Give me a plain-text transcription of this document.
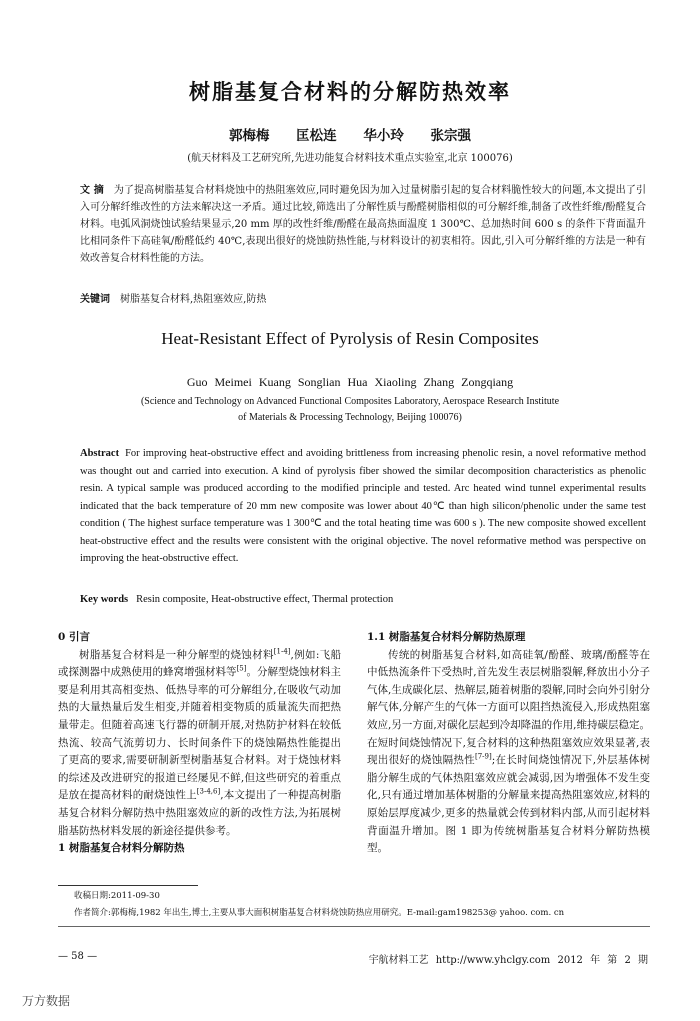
树脂基复合材料的分解防热效率
郭梅梅 匡松连 华小玲 张宗强
(航天材料及工艺研究所,先进功能复合材料技术重点实验室,北京 100076)
文 摘 为了提高树脂基复合材料烧蚀中的热阻塞效应,同时避免因为加入过量树脂引起的复合材料脆性较大的问题,本文提出了引入可分解纤维改性的方法来解决这一矛盾。通过比较,筛选出了分解性质与酚醛树脂相似的可分解纤维,制备了改性纤维/酚醛复合材料。电弧风洞烧蚀试验结果显示,20 mm 厚的改性纤维/酚醛在最高热面温度 1 300℃、总加热时间 600 s 的条件下背面温升比相同条件下高硅氧/酚醛低约 40℃,表现出很好的烧蚀防热性能,与材料设计的初衷相符。因此,引入可分解纤维的方法是一种有效改善复合材料性能的方法。
关键词 树脂基复合材料,热阻塞效应,防热
Heat-Resistant Effect of Pyrolysis of Resin Composites
Guo Meimei Kuang Songlian Hua Xiaoling Zhang Zongqiang
(Science and Technology on Advanced Functional Composites Laboratory, Aerospace Research Institute
of Materials & Processing Technology, Beijing 100076)
Abstract For improving heat-obstructive effect and avoiding brittleness from increasing phenolic resin, a novel reformative method was thought out and carried into execution. A kind of pyrolysis fiber showed the similar decomposition characteristics as phenolic resin. A typical sample was produced according to the modified principle and tested. Arc heated wind tunnel experimental results indicated that the back temperature of 20 mm new composite was lower about 40℃ than high silicon/phenolic under the same test condition ( The highest surface temperature was 1 300℃ and the total heating time was 600 s ). The new composite showed excellent heat-obstructive effect and the results were consistent with the original objective. The novel reformative method was perspective on improving the heat-obstructive effect.
Key words Resin composite, Heat-obstructive effect, Thermal protection
0 引言

树脂基复合材料是一种分解型的烧蚀材料[1-4],例如:飞船或探测器中成熟使用的蜂窝增强材料等[5]。分解型烧蚀材料主要是利用其高相变热、低热导率的可分解组分,在吸收气动加热的大量热量后发生相变,并随着相变物质的质量流失而把热量带走。但随着高速飞行器的研制开展,对热防护材料在较低热流、较高气流剪切力、长时间条件下的烧蚀隔热性能提出了更高的要求,需要研制新型树脂基复合材料。对于烧蚀材料的综述及改进研究的报道已经屡见不鲜,但这些研究的着重点是放在提高材料的耐烧蚀性上[3-4,6],本文提出了一种提高树脂基复合材料分解防热中热阻塞效应的新的改性方法,为拓展树脂基防热材料发展的新途径提供参考。

1 树脂基复合材料分解防热
1.1 树脂基复合材料分解防热原理

传统的树脂基复合材料,如高硅氧/酚醛、玻璃/酚醛等在中低热流条件下受热时,首先发生表层树脂裂解,释放出小分子气体,生成碳化层、热解层,随着树脂的裂解,同时会向外引射分解气体,分解产生的气体一方面可以阻挡热流侵入,形成热阻塞效应,另一方面,对碳化层起到冷却降温的作用,维持碳层稳定。在短时间烧蚀情况下,复合材料的这种热阻塞效应效果显著,表现出很好的烧蚀隔热性[7-9];在长时间烧蚀情况下,外层基体树脂分解生成的气体热阻塞效应就会减弱,因为增强体不发生变化,只有通过增加基体树脂的分解量来提高热阻塞效应,材料的原始层厚度减少,更多的热量就会传到材料内部,从而引起材料背面温升增加。图 1 即为传统树脂基复合材料分解防热模型。

收稿日期:2011-09-30
作者简介:郭梅梅,1982 年出生,博士,主要从事大面积树脂基复合材料烧蚀防热应用研究。E-mail:gam198253@ yahoo. com. cn
— 58 —	宇航材料工艺 http://www.yhclgy.com 2012 年 第 2 期
万方数据
